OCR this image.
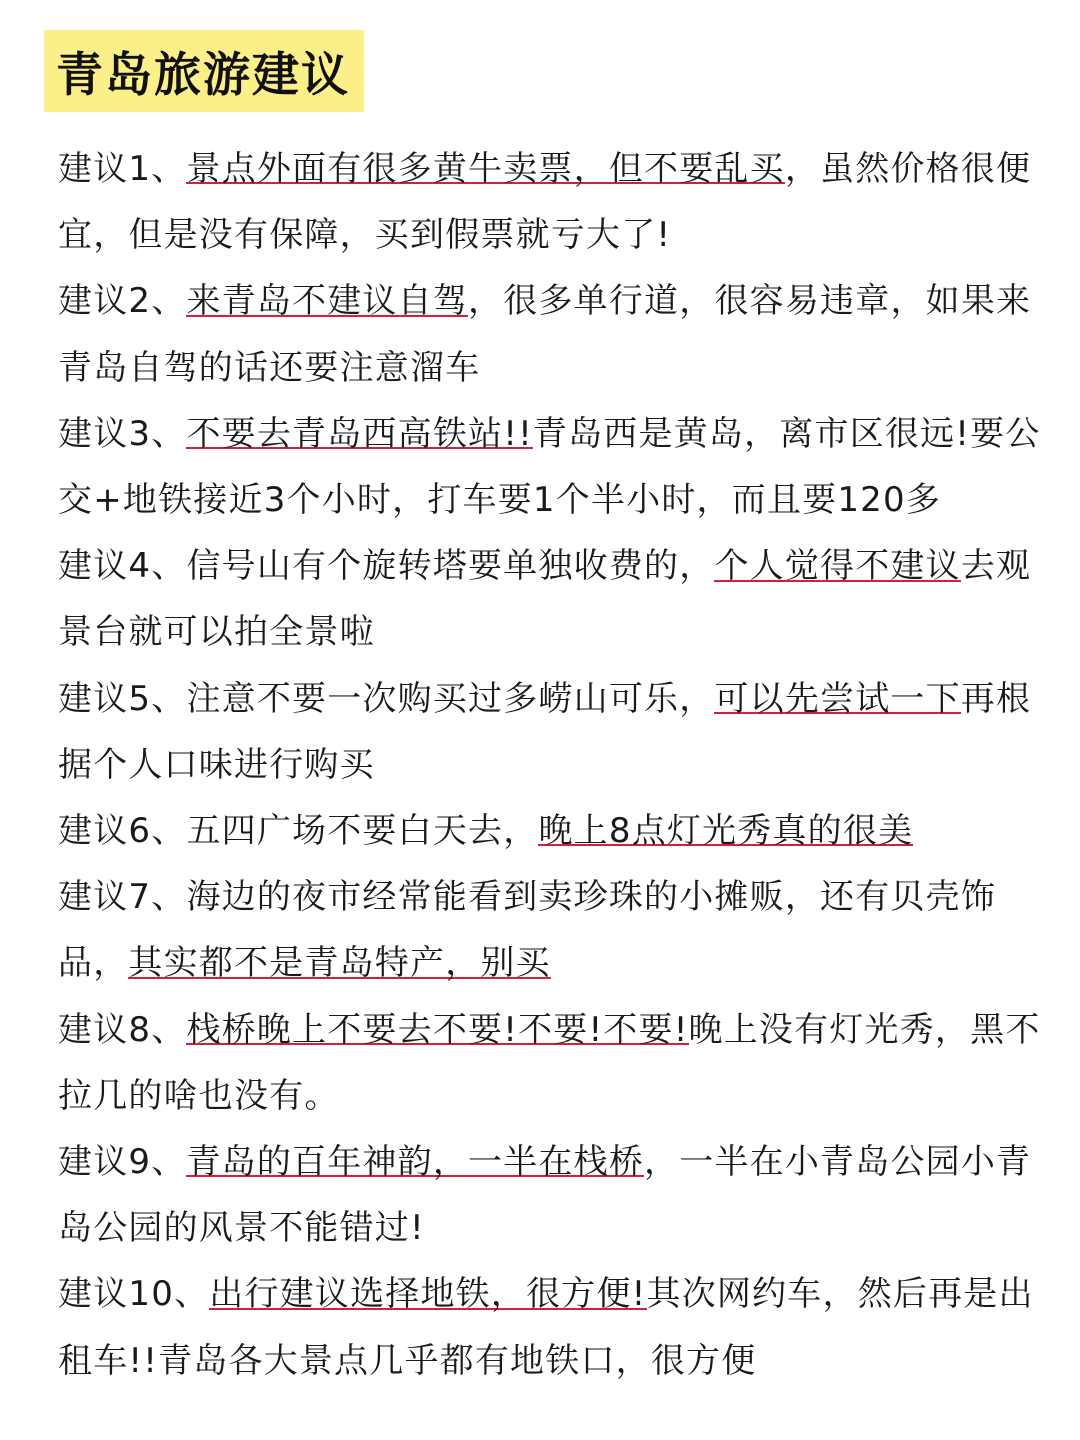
青岛旅游建议

建议1、景点外面有很多黄牛卖票，但不要乱买，虽然价格很便宜，但是没有保障，买到假票就亏大了!

建议2、来青岛不建议自驾，很多单行道，很容易违章，如果来青岛自驾的话还要注意溜车

建议3、不要去青岛西高铁站!!青岛西是黄岛，离市区很远!要公交+地铁接近3个小时，打车要1个半小时，而且要120多

建议4、信号山有个旋转塔要单独收费的，个人觉得不建议去观景台就可以拍全景啦

建议5、注意不要一次购买过多崂山可乐，可以先尝试一下再根据个人口味进行购买

建议6、五四广场不要白天去，晚上8点灯光秀真的很美

建议7、海边的夜市经常能看到卖珍珠的小摊贩，还有贝壳饰品，其实都不是青岛特产，别买

建议8、栈桥晚上不要去不要!不要!不要!晚上没有灯光秀，黑不拉几的啥也没有。

建议9、青岛的百年神韵，一半在栈桥，一半在小青岛公园小青岛公园的风景不能错过!

建议10、出行建议选择地铁，很方便!其次网约车，然后再是出租车!!青岛各大景点几乎都有地铁口，很方便
